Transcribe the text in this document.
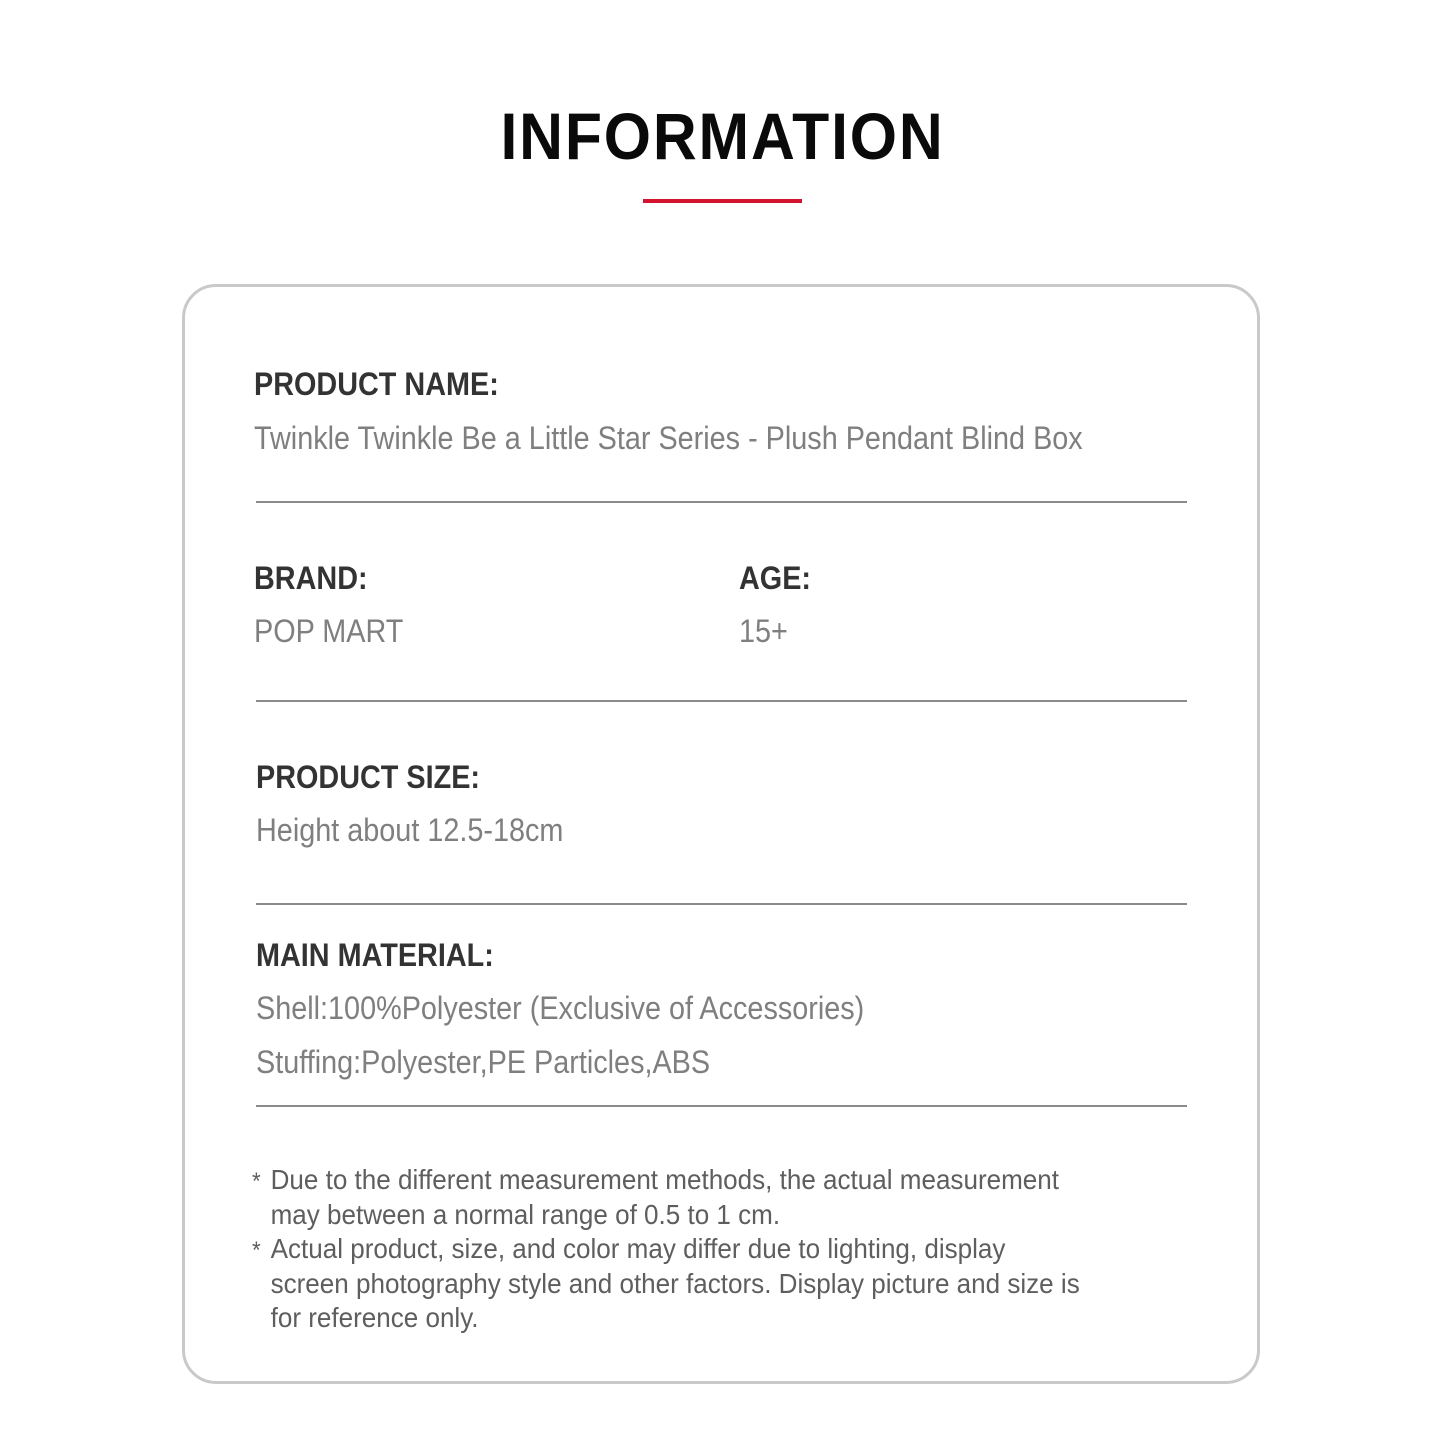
INFORMATION
PRODUCT NAME:
Twinkle Twinkle Be a Little Star Series - Plush Pendant Blind Box
BRAND:
POP MART
AGE:
15+
PRODUCT SIZE:
Height about 12.5-18cm
MAIN MATERIAL:
Shell:100%Polyester (Exclusive of Accessories)
Stuffing:Polyester,PE Particles,ABS
* Due to the different measurement methods, the actual measurement
may between a normal range of 0.5 to 1 cm.
* Actual product, size, and color may differ due to lighting, display
screen photography style and other factors. Display picture and size is
for reference only.
